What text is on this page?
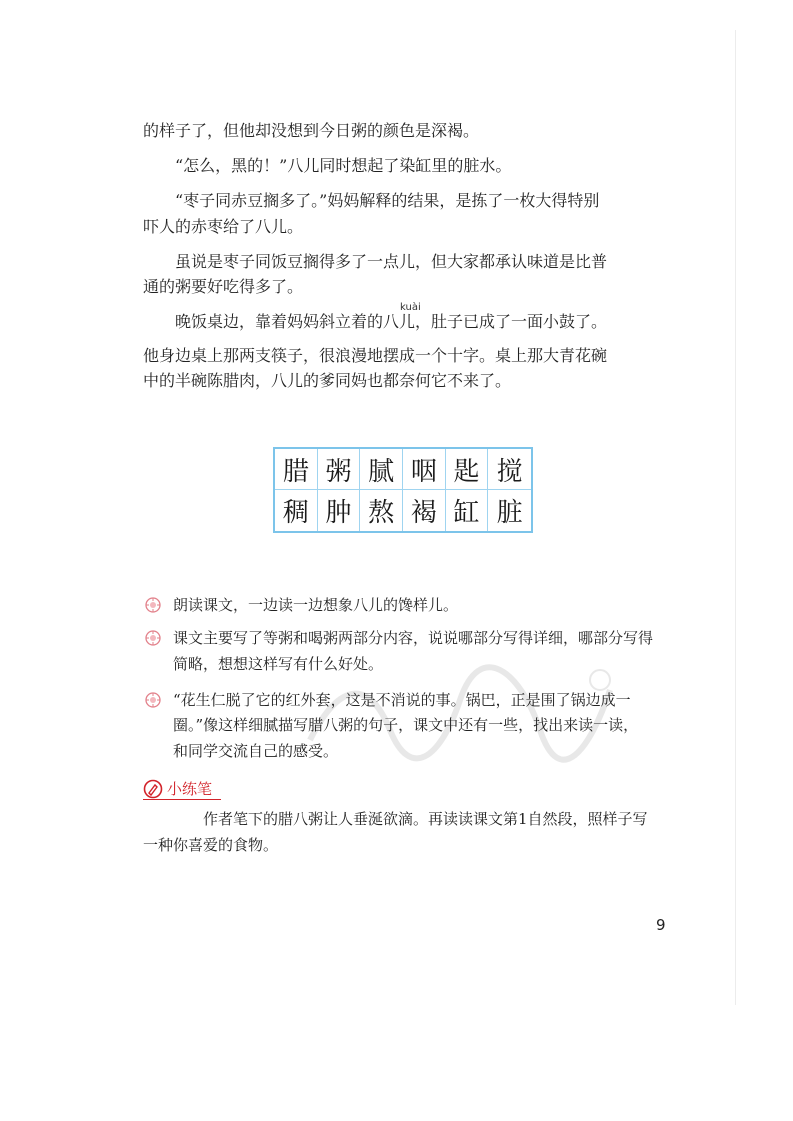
的样子了，但他却没想到今日粥的颜色是深褐。

“怎么，黑的！”八儿同时想起了染缸里的脏水。

“枣子同赤豆搁多了。”妈妈解释的结果，是拣了一枚大得特别

吓人的赤枣给了八儿。

虽说是枣子同饭豆搁得多了一点儿，但大家都承认味道是比普

通的粥要好吃得多了。

kuài

晚饭桌边，靠着妈妈斜立着的八儿，肚子已成了一面小鼓了。

他身边桌上那两支筷子，很浪漫地摆成一个十字。桌上那大青花碗

中的半碗陈腊肉，八儿的爹同妈也都奈何它不来了。

腊 粥 腻 咽 匙 搅
稠 肿 熬 褐 缸 脏

朗读课文，一边读一边想象八儿的馋样儿。

课文主要写了等粥和喝粥两部分内容，说说哪部分写得详细，哪部分写得

简略，想想这样写有什么好处。

“花生仁脱了它的红外套，这是不消说的事。锅巴，正是围了锅边成一

圈。”像这样细腻描写腊八粥的句子，课文中还有一些，找出来读一读，

和同学交流自己的感受。

小练笔

作者笔下的腊八粥让人垂涎欲滴。再读读课文第1自然段，照样子写

一种你喜爱的食物。

9
